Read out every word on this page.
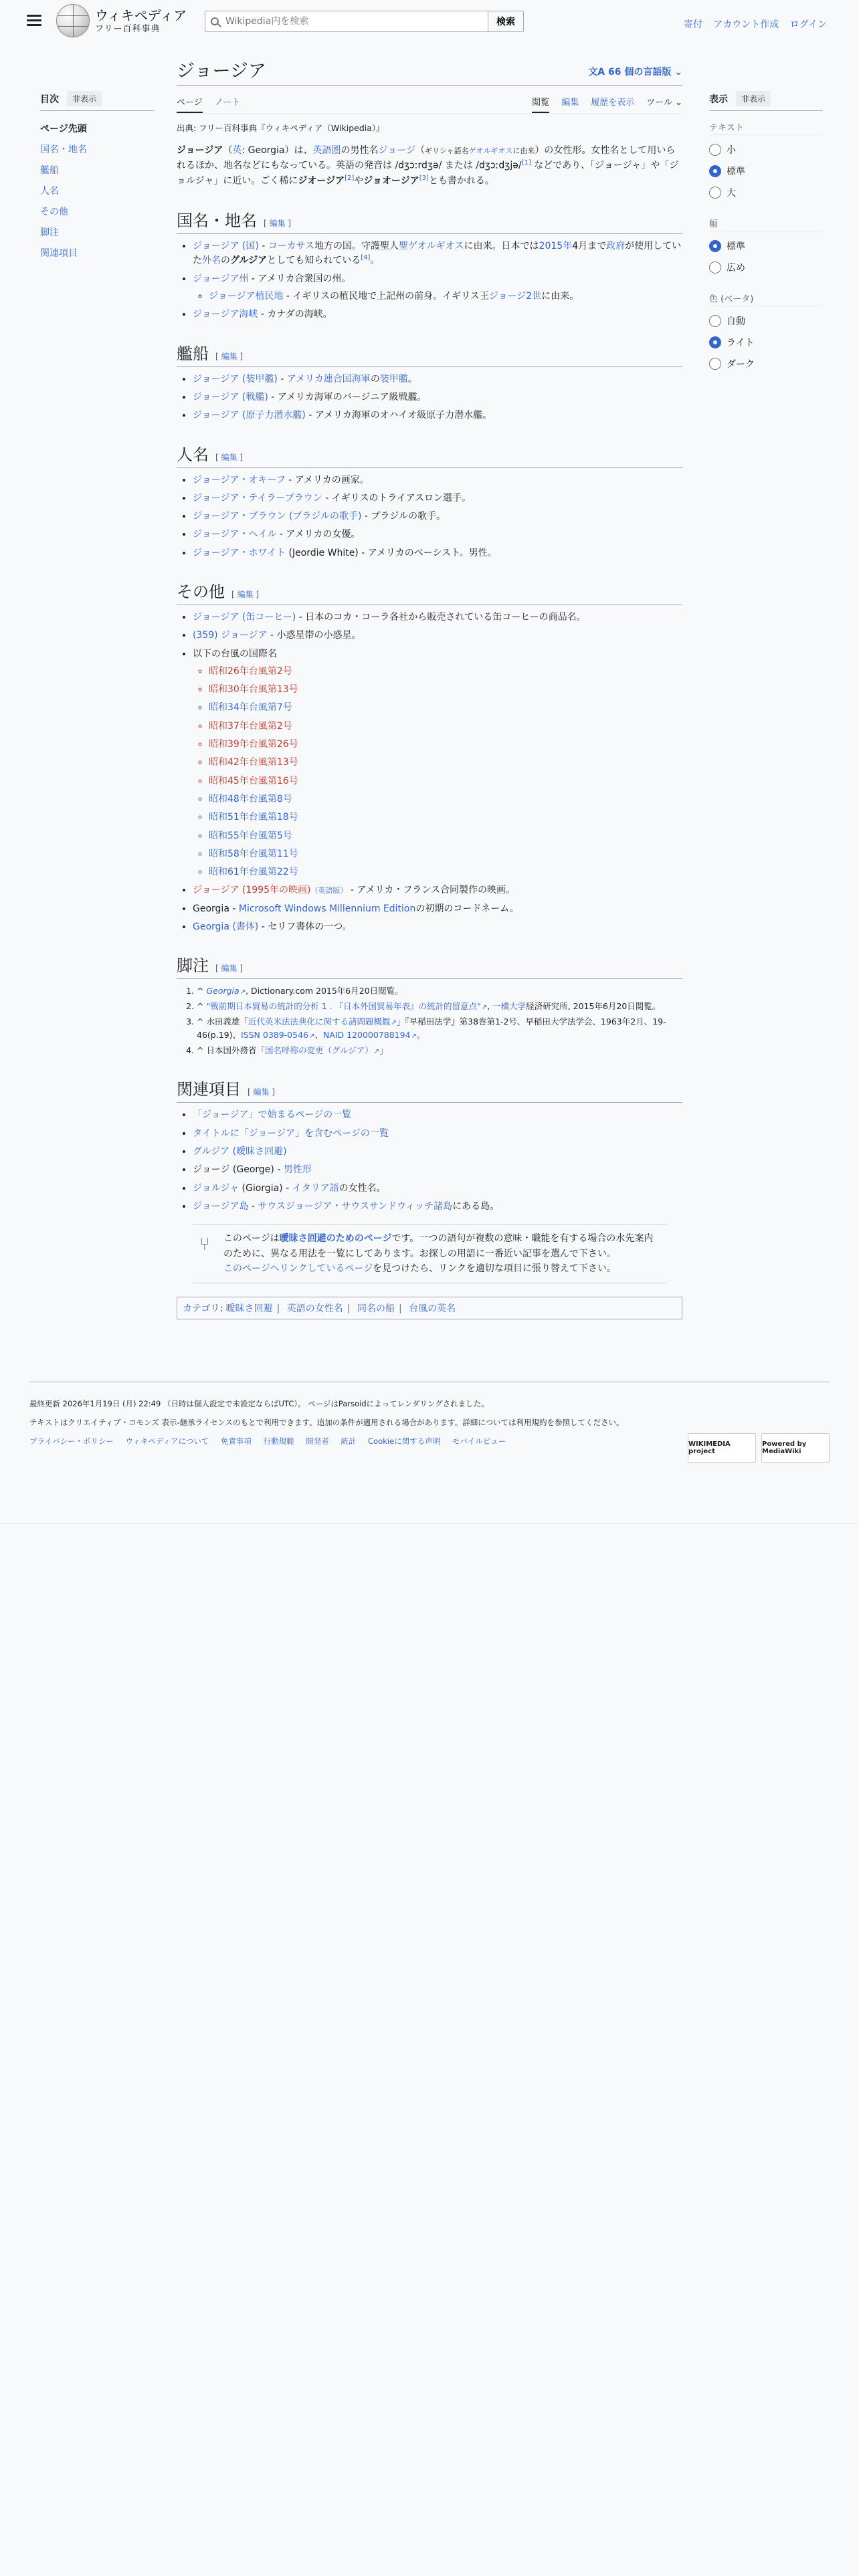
ウィキペディア
フリー百科事典
Wikipedia内を検索
検索	寄付 アカウント作成 ログイン
目次	非表示
ページ先頭
国名・地名
艦船
人名
その他
脚注
関連項目
ジョージア	文A 66 個の言語版 ⌄
ページ ノート	閲覧 編集 履歴を表示 ツール ⌄
出典: フリー百科事典『ウィキペディア（Wikipedia）』

ジョージア（英: Georgia）は、英語圏の男性名ジョージ（ギリシャ語名ゲオルギオスに由来）の女性形。女性名として用いられるほか、地名などにもなっている。英語の発音は /dʒɔːrdʒə/ または /dʒɔːdʒjə/[1] などであり、「ジョージャ」や「ジョルジャ」に近い。ごく稀にジオージア[2]やジョオージア[3]とも書かれる。

国名・地名 [ 編集 ]
• ジョージア (国) - コーカサス地方の国。守護聖人聖ゲオルギオスに由来。日本では2015年4月まで政府が使用していた外名のグルジアとしても知られている[4]。
• ジョージア州 - アメリカ合衆国の州。
◦ ジョージア植民地 - イギリスの植民地で上記州の前身。イギリス王ジョージ2世に由来。
• ジョージア海峡 - カナダの海峡。
艦船 [ 編集 ]
• ジョージア (装甲艦) - アメリカ連合国海軍の装甲艦。
• ジョージア (戦艦) - アメリカ海軍のバージニア級戦艦。
• ジョージア (原子力潜水艦) - アメリカ海軍のオハイオ級原子力潜水艦。
人名 [ 編集 ]
• ジョージア・オキーフ - アメリカの画家。
• ジョージア・テイラーブラウン - イギリスのトライアスロン選手。
• ジョージア・ブラウン (ブラジルの歌手) - ブラジルの歌手。
• ジョージア・ヘイル - アメリカの女優。
• ジョージア・ホワイト (Jeordie White) - アメリカのベーシスト。男性。
その他 [ 編集 ]
• ジョージア (缶コーヒー) - 日本のコカ・コーラ各社から販売されている缶コーヒーの商品名。
• (359) ジョージア - 小惑星帯の小惑星。
• 以下の台風の国際名
◦ 昭和26年台風第2号
◦ 昭和30年台風第13号
◦ 昭和34年台風第7号
◦ 昭和37年台風第2号
◦ 昭和39年台風第26号
◦ 昭和42年台風第13号
◦ 昭和45年台風第16号
◦ 昭和48年台風第8号
◦ 昭和51年台風第18号
◦ 昭和55年台風第5号
◦ 昭和58年台風第11号
◦ 昭和61年台風第22号
• ジョージア (1995年の映画)（英語版） - アメリカ・フランス合同製作の映画。
• Georgia - Microsoft Windows Millennium Editionの初期のコードネーム。
• Georgia (書体) - セリフ書体の一つ。
脚注 [ 編集 ]
1. ^ Georgia ↗ , Dictionary.com 2015年6月20日閲覧。
2. ^ "戦前期日本貿易の統計的分析 1 . 『日本外国貿易年表』の統計的留意点" ↗ , 一橋大学経済研究所, 2015年6月20日閲覧。
3. ^ 水田義雄「近代英米法法典化に関する諸問題概観 ↗ 」『早稲田法学』第38巻第1-2号、早稲田大学法学会、1963年2月、19-46(p.19)、ISSN 0389-0546 ↗ 、NAID 120000788194 ↗ 。
4. ^ 日本国外務省「国名呼称の変更（グルジア） ↗ 」
関連項目 [ 編集 ]
• 「ジョージア」で始まるページの一覧
• タイトルに「ジョージア」を含むページの一覧
• グルジア (曖昧さ回避)
• ジョージ (George) - 男性形
• ジョルジャ (Giorgia) - イタリア語の女性名。
• ジョージア島 - サウスジョージア・サウスサンドウィッチ諸島にある島。
⑂	このページは曖昧さ回避のためのページです。一つの語句が複数の意味・職能を有する場合の水先案内のために、異なる用法を一覧にしてあります。お探しの用語に一番近い記事を選んで下さい。
このページへリンクしているページを見つけたら、リンクを適切な項目に張り替えて下さい。
カテゴリ: 曖昧さ回避 | 英語の女性名 | 同名の船 | 台風の英名
表示	非表示
テキスト
小
標準
大
幅
標準
広め
色 (ベータ)
自動
ライト
ダーク
最終更新 2026年1月19日 (月) 22:49 （日時は個人設定で未設定ならばUTC）。 ページはParsoidによってレンダリングされました。
テキストはクリエイティブ・コモンズ 表示-継承ライセンスのもとで利用できます。追加の条件が適用される場合があります。詳細については利用規約を参照してください。
プライバシー・ポリシー ウィキペディアについて 免責事項 行動規範 開発者 統計 Cookieに関する声明 モバイルビュー	WIKIMEDIA project
Powered by MediaWiki
